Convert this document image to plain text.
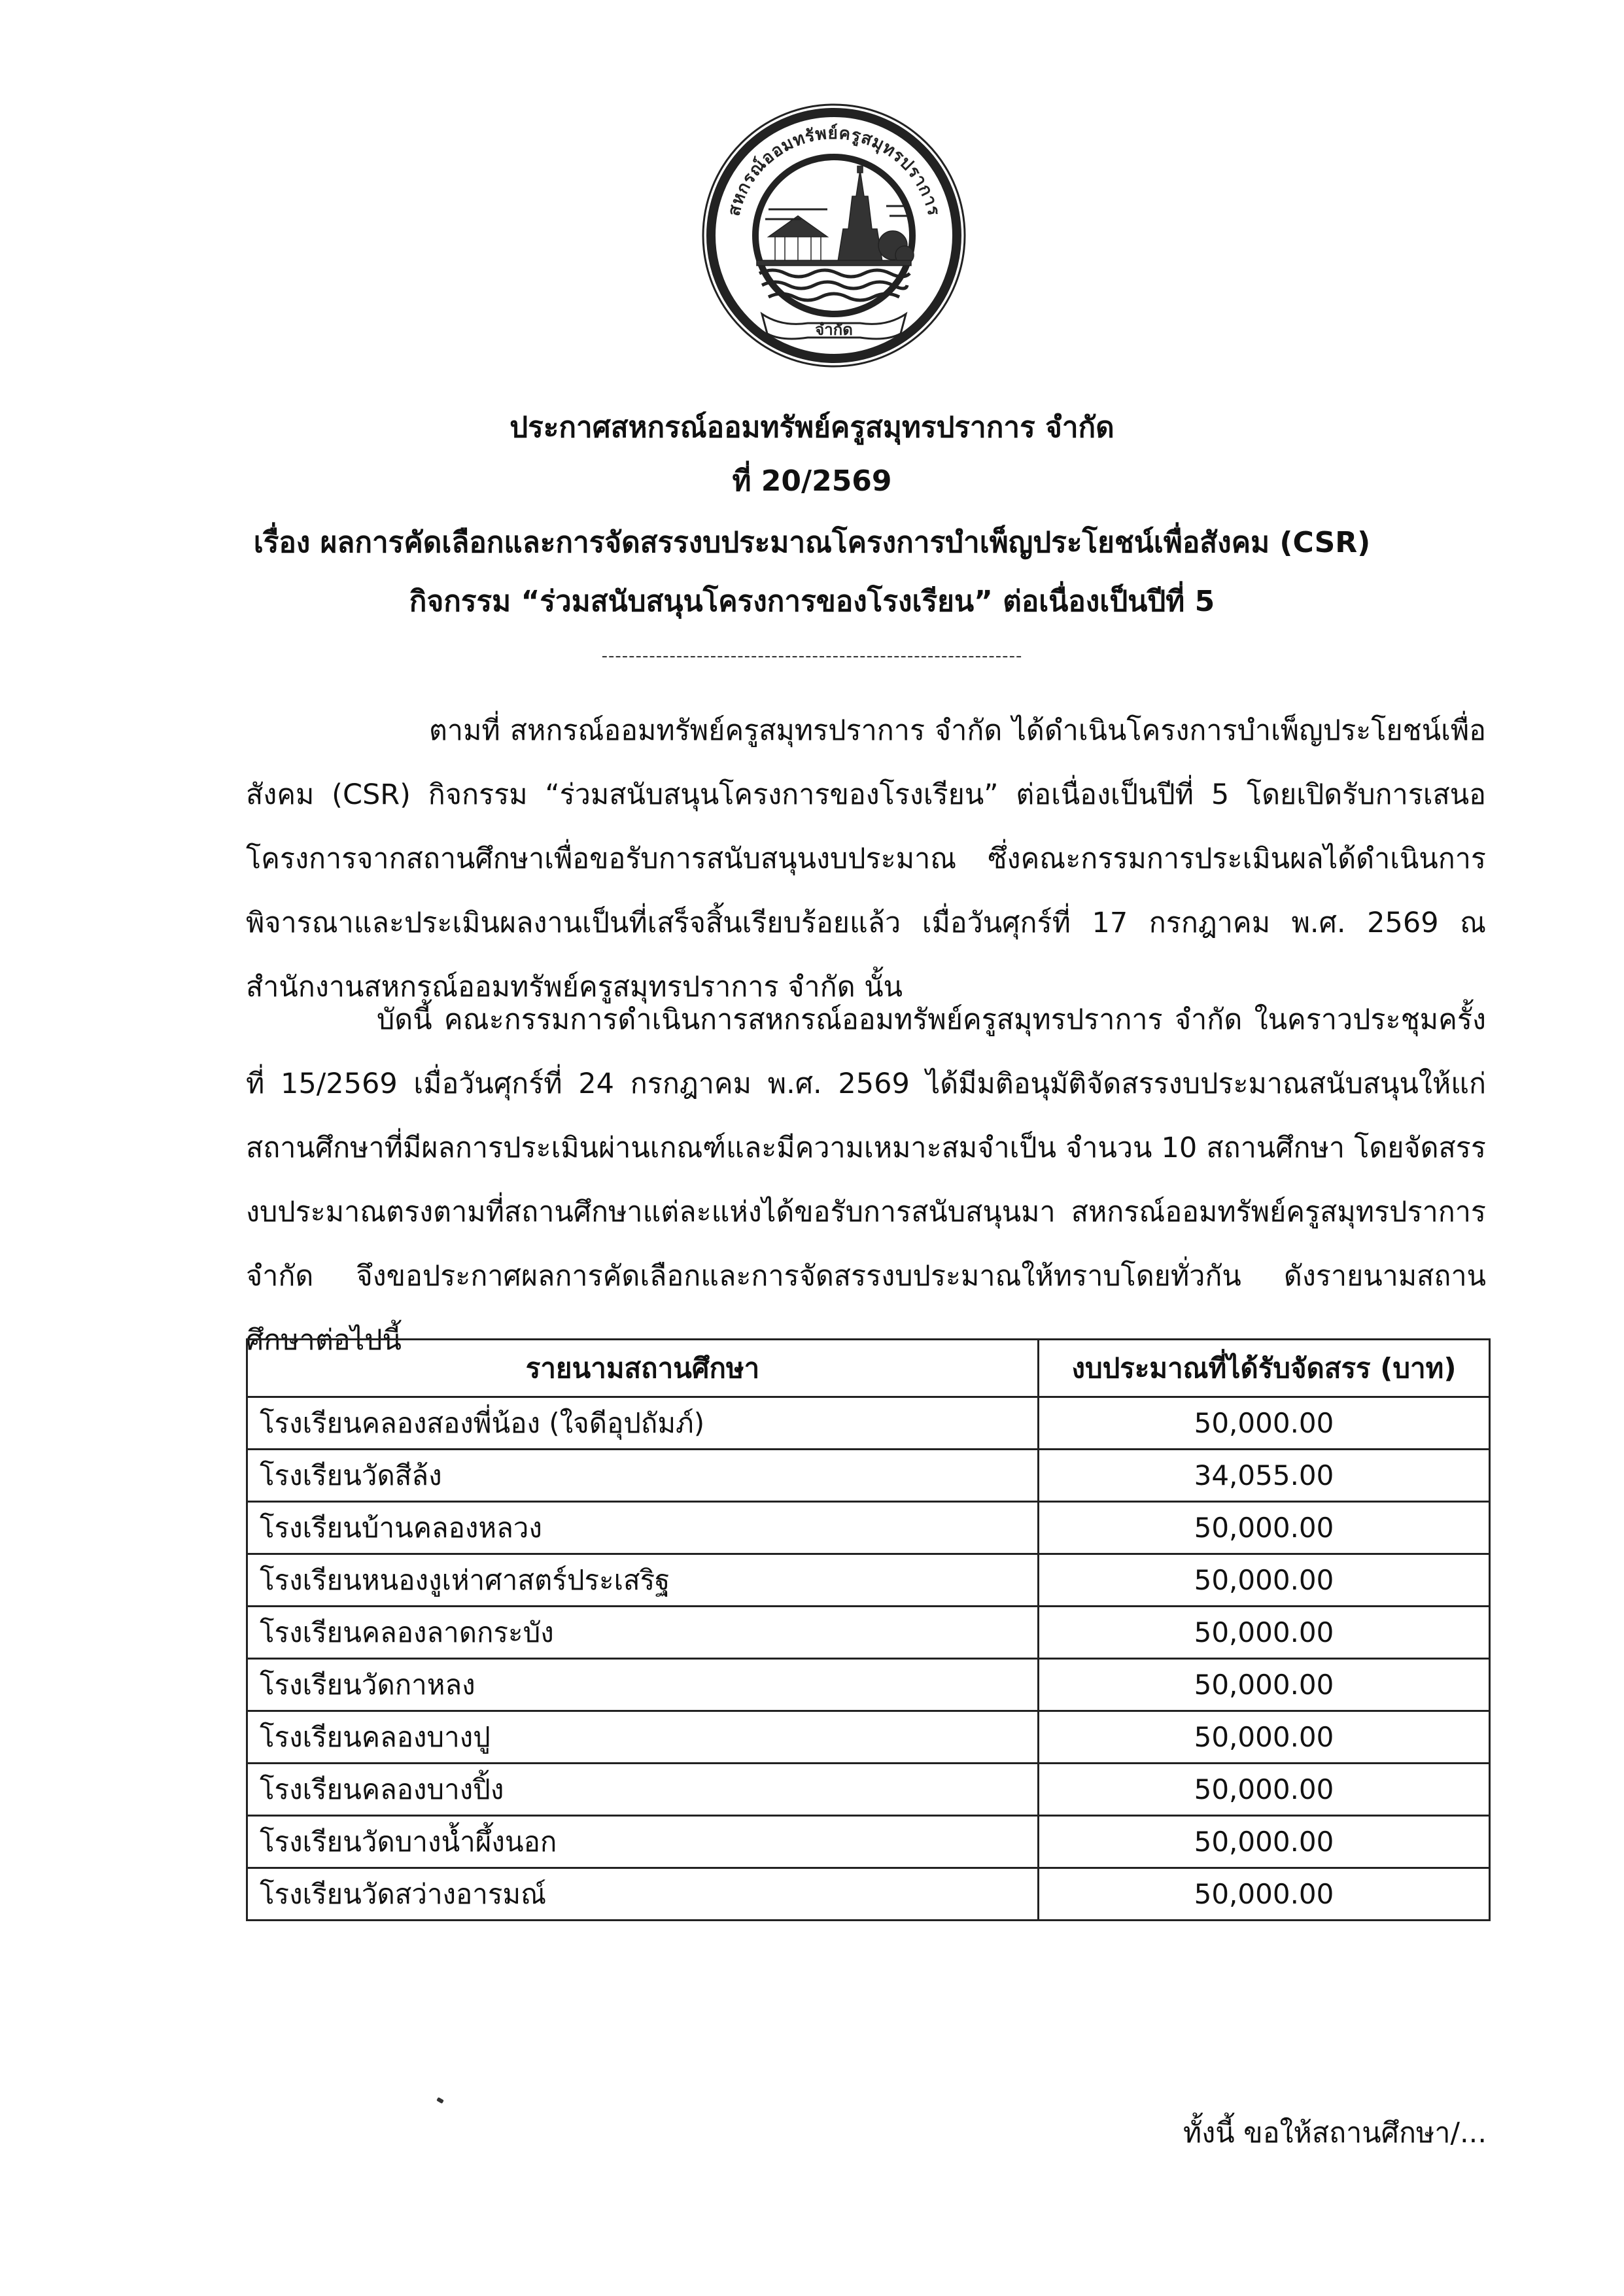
สหกรณ์ออมทรัพย์ครูสมุทรปราการ
จำกัด
ประกาศสหกรณ์ออมทรัพย์ครูสมุทรปราการ จำกัด
ที่ 20/2569
เรื่อง ผลการคัดเลือกและการจัดสรรงบประมาณโครงการบำเพ็ญประโยชน์เพื่อสังคม (CSR)
กิจกรรม “ร่วมสนับสนุนโครงการของโรงเรียน” ต่อเนื่องเป็นปีที่ 5
--------------------------------------------------------------
ตามที่ สหกรณ์ออมทรัพย์ครูสมุทรปราการ จำกัด ได้ดำเนินโครงการบำเพ็ญประโยชน์เพื่อสังคม (CSR) กิจกรรม “ร่วมสนับสนุนโครงการของโรงเรียน” ต่อเนื่องเป็นปีที่ 5 โดยเปิดรับการเสนอโครงการจากสถานศึกษาเพื่อขอรับการสนับสนุนงบประมาณ ซึ่งคณะกรรมการประเมินผลได้ดำเนินการพิจารณาและประเมินผลงานเป็นที่เสร็จสิ้นเรียบร้อยแล้ว เมื่อวันศุกร์ที่ 17 กรกฎาคม พ.ศ. 2569 ณ สำนักงานสหกรณ์ออมทรัพย์ครูสมุทรปราการ จำกัด นั้น
บัดนี้ คณะกรรมการดำเนินการสหกรณ์ออมทรัพย์ครูสมุทรปราการ จำกัด ในคราวประชุมครั้งที่ 15/2569 เมื่อวันศุกร์ที่ 24 กรกฎาคม พ.ศ. 2569 ได้มีมติอนุมัติจัดสรรงบประมาณสนับสนุนให้แก่สถานศึกษาที่มีผลการประเมินผ่านเกณฑ์และมีความเหมาะสมจำเป็น จำนวน 10 สถานศึกษา โดยจัดสรรงบประมาณตรงตามที่สถานศึกษาแต่ละแห่งได้ขอรับการสนับสนุนมา สหกรณ์ออมทรัพย์ครูสมุทรปราการ จำกัด จึงขอประกาศผลการคัดเลือกและการจัดสรรงบประมาณให้ทราบโดยทั่วกัน ดังรายนามสถานศึกษาต่อไปนี้
รายนามสถานศึกษา	งบประมาณที่ได้รับจัดสรร (บาท)
โรงเรียนคลองสองพี่น้อง (ใจดีอุปถัมภ์)	50,000.00
โรงเรียนวัดสีล้ง	34,055.00
โรงเรียนบ้านคลองหลวง	50,000.00
โรงเรียนหนองงูเห่าศาสตร์ประเสริฐ	50,000.00
โรงเรียนคลองลาดกระบัง	50,000.00
โรงเรียนวัดกาหลง	50,000.00
โรงเรียนคลองบางปู	50,000.00
โรงเรียนคลองบางปิ้ง	50,000.00
โรงเรียนวัดบางน้ำผึ้งนอก	50,000.00
โรงเรียนวัดสว่างอารมณ์	50,000.00
ทั้งนี้ ขอให้สถานศึกษา/...
